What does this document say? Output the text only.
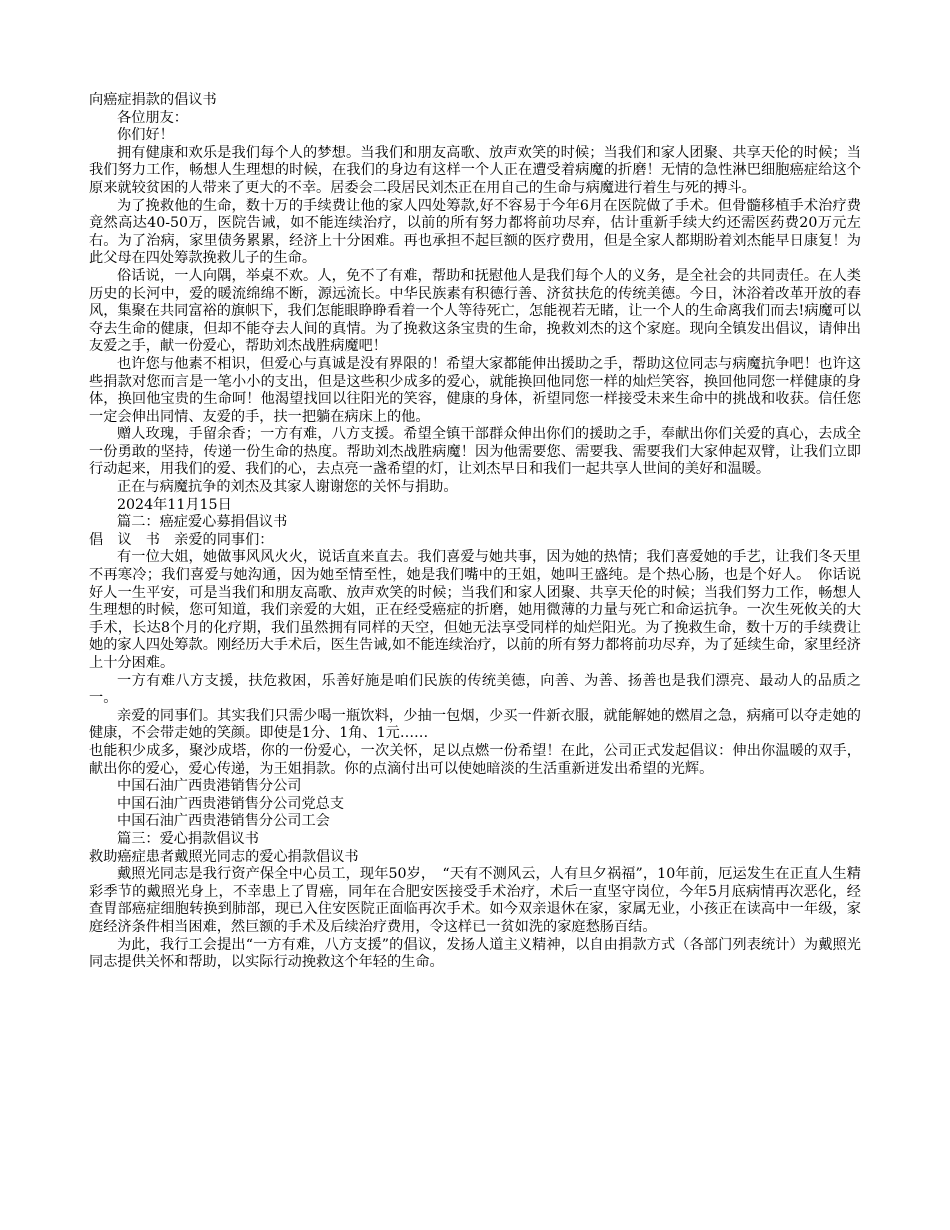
向癌症捐款的倡议书
各位朋友：
你们好！
拥有健康和欢乐是我们每个人的梦想。当我们和朋友高歌、放声欢笑的时候；当我们和家人团聚、共享天伦的时候；当我们努力工作，畅想人生理想的时候，在我们的身边有这样一个人正在遭受着病魔的折磨！无情的急性淋巴细胞癌症给这个原来就较贫困的人带来了更大的不幸。居委会二段居民刘杰正在用自己的生命与病魔进行着生与死的搏斗。
为了挽救他的生命，数十万的手续费让他的家人四处筹款,好不容易于今年6月在医院做了手术。但骨髓移植手术治疗费竟然高达40-50万，医院告诫，如不能连续治疗，以前的所有努力都将前功尽弃，估计重新手续大约还需医药费20万元左右。为了治病，家里债务累累，经济上十分困难。再也承担不起巨额的医疗费用，但是全家人都期盼着刘杰能早日康复！为此父母在四处筹款挽救儿子的生命。
俗话说，一人向隅，举桌不欢。人，免不了有难，帮助和抚慰他人是我们每个人的义务，是全社会的共同责任。在人类历史的长河中，爱的暖流绵绵不断，源远流长。中华民族素有积德行善、济贫扶危的传统美德。今日，沐浴着改革开放的春风，集聚在共同富裕的旗帜下，我们怎能眼睁睁看着一个人等待死亡，怎能视若无睹，让一个人的生命离我们而去!病魔可以夺去生命的健康，但却不能夺去人间的真情。为了挽救这条宝贵的生命，挽救刘杰的这个家庭。现向全镇发出倡议，请伸出友爱之手，献一份爱心，帮助刘杰战胜病魔吧！
也许您与他素不相识，但爱心与真诚是没有界限的！希望大家都能伸出援助之手，帮助这位同志与病魔抗争吧！也许这些捐款对您而言是一笔小小的支出，但是这些积少成多的爱心，就能换回他同您一样的灿烂笑容，换回他同您一样健康的身体，换回他宝贵的生命呵！他渴望找回以往阳光的笑容，健康的身体，祈望同您一样接受未来生命中的挑战和收获。信任您一定会伸出同情、友爱的手，扶一把躺在病床上的他。
赠人玫瑰，手留余香；一方有难，八方支援。希望全镇干部群众伸出你们的援助之手，奉献出你们关爱的真心，去成全一份勇敢的坚持，传递一份生命的热度。帮助刘杰战胜病魔！因为他需要您、需要我、需要我们大家伸起双臂，让我们立即行动起来，用我们的爱、我们的心，去点亮一盏希望的灯，让刘杰早日和我们一起共享人世间的美好和温暖。
正在与病魔抗争的刘杰及其家人谢谢您的关怀与捐助。
2024年11月15日
篇二：癌症爱心募捐倡议书
倡　议　书　亲爱的同事们：
有一位大姐，她做事风风火火，说话直来直去。我们喜爱与她共事，因为她的热情；我们喜爱她的手艺，让我们冬天里不再寒冷；我们喜爱与她沟通，因为她至情至性，她是我们嘴中的王姐，她叫王盛纯。是个热心肠，也是个好人。　你话说好人一生平安，可是当我们和朋友高歌、放声欢笑的时候；当我们和家人团聚、共享天伦的时候；当我们努力工作，畅想人生理想的时候，您可知道，我们亲爱的大姐，正在经受癌症的折磨，她用微薄的力量与死亡和命运抗争。一次生死攸关的大手术，长达8个月的化疗期，我们虽然拥有同样的天空，但她无法享受同样的灿烂阳光。为了挽救生命，数十万的手续费让她的家人四处筹款。刚经历大手术后，医生告诫,如不能连续治疗，以前的所有努力都将前功尽弃，为了延续生命，家里经济上十分困难。
一方有难八方支援，扶危救困，乐善好施是咱们民族的传统美德，向善、为善、扬善也是我们漂亮、最动人的品质之一。
亲爱的同事们。其实我们只需少喝一瓶饮料，少抽一包烟，少买一件新衣服，就能解她的燃眉之急，病痛可以夺走她的健康，不会带走她的笑颜。即使是1分、1角、1元……
也能积少成多，聚沙成塔，你的一份爱心，一次关怀，足以点燃一份希望！在此，公司正式发起倡议：伸出你温暖的双手，献出你的爱心，爱心传递，为王姐捐款。你的点滴付出可以使她暗淡的生活重新迸发出希望的光辉。
中国石油广西贵港销售分公司
中国石油广西贵港销售分公司党总支
中国石油广西贵港销售分公司工会
篇三：爱心捐款倡议书
救助癌症患者戴照光同志的爱心捐款倡议书
戴照光同志是我行资产保全中心员工，现年50岁，　“天有不测风云，人有旦夕祸福”，10年前，厄运发生在正直人生精彩季节的戴照光身上，不幸患上了胃癌，同年在合肥安医接受手术治疗，术后一直坚守岗位，今年5月底病情再次恶化，经查胃部癌症细胞转换到肺部，现已入住安医院正面临再次手术。如今双亲退休在家，家属无业，小孩正在读高中一年级，家庭经济条件相当困难，然巨额的手术及后续治疗费用，令这样已一贫如洗的家庭愁肠百结。
为此，我行工会提出“一方有难，八方支援”的倡议，发扬人道主义精神，以自由捐款方式（各部门列表统计）为戴照光同志提供关怀和帮助，以实际行动挽救这个年轻的生命。
